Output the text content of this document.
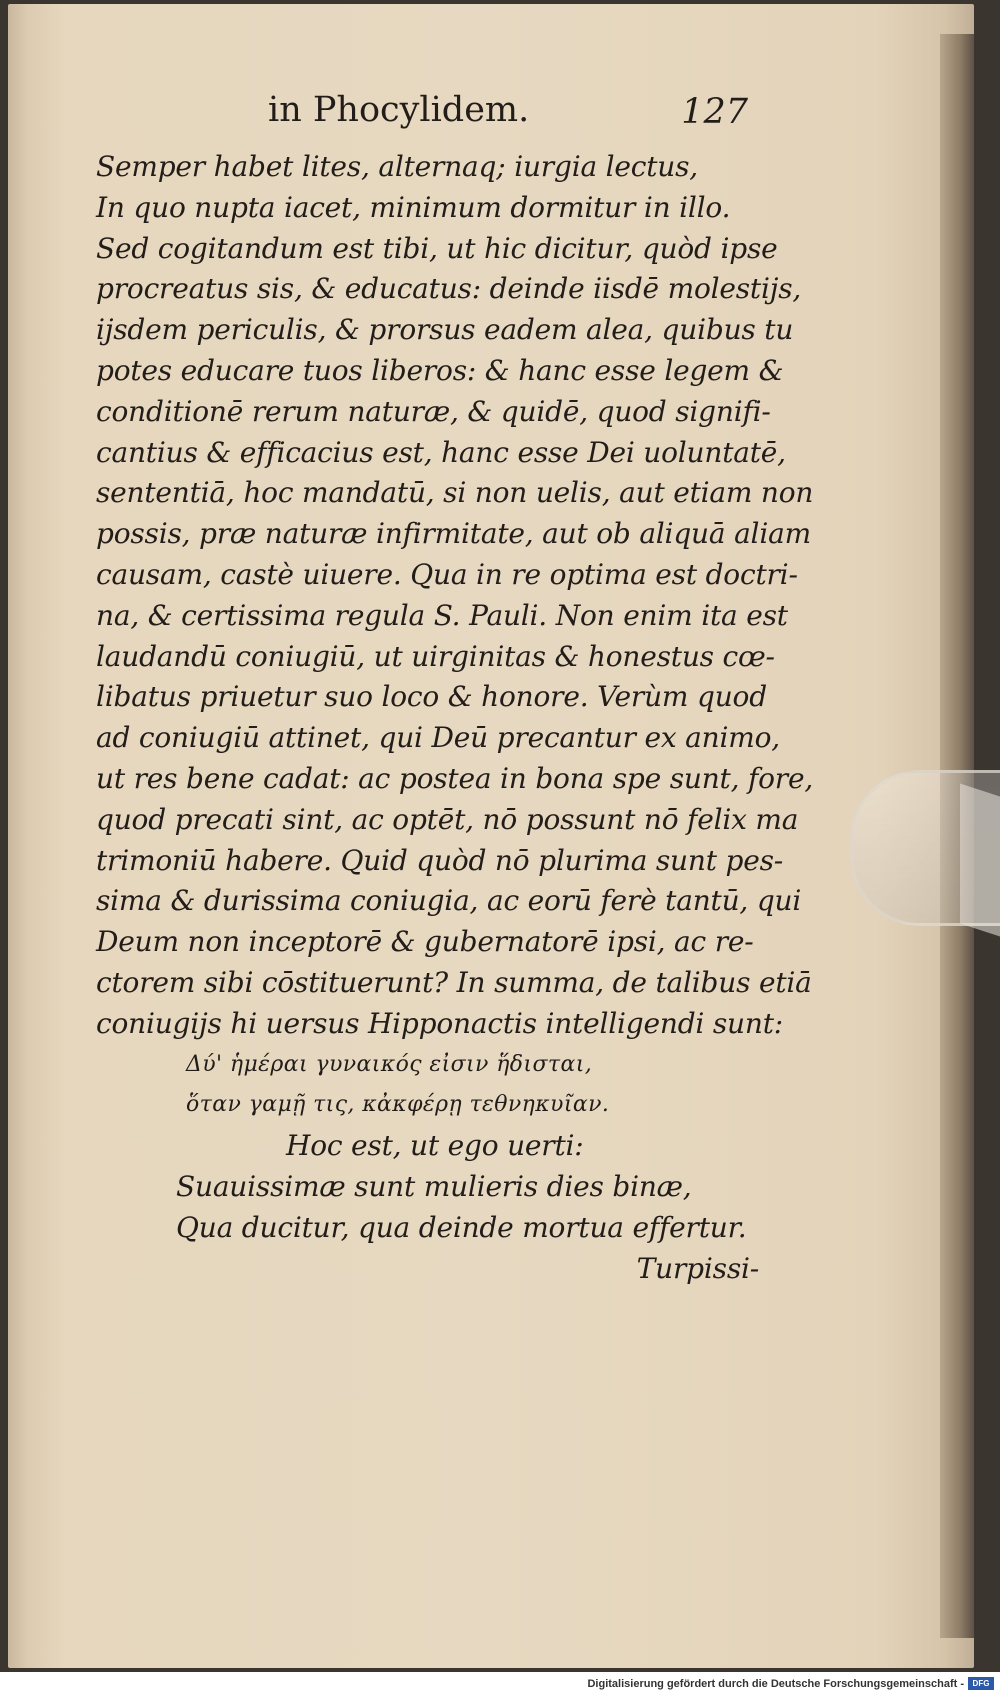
in Phocylidem.	127
Semper habet lites, alternaq; iurgia lectus,
In quo nupta iacet, minimum dormitur in illo.
Sed cogitandum est tibi, ut hic dicitur, quòd ipse
procreatus sis, & educatus: deinde iisdē molestijs,
ijsdem periculis, & prorsus eadem alea, quibus tu
potes educare tuos liberos: & hanc esse legem &
conditionē rerum naturæ, & quidē, quod signifi-
cantius & efficacius est, hanc esse Dei uoluntatē,
sententiā, hoc mandatū, si non uelis, aut etiam non
possis, præ naturæ infirmitate, aut ob aliquā aliam
causam, castè uiuere. Qua in re optima est doctri-
na, & certissima regula S. Pauli. Non enim ita est
laudandū coniugiū, ut uirginitas & honestus cœ-
libatus priuetur suo loco & honore. Verùm quod
ad coniugiū attinet, qui Deū precantur ex animo,
ut res bene cadat: ac postea in bona spe sunt, fore,
quod precati sint, ac optēt, nō possunt nō felix ma
trimoniū habere. Quid quòd nō plurima sunt pes-
sima & durissima coniugia, ac eorū ferè tantū, qui
Deum non inceptorē & gubernatorē ipsi, ac re-
ctorem sibi cōstituerunt? In summa, de talibus etiā
coniugijs hi uersus Hipponactis intelligendi sunt:
Δύ' ἡμέραι γυναικός εἰσιν ἥδισται,
ὅταν γαμῇ τις, κἀκφέρῃ τεθνηκυῖαν.
Hoc est, ut ego uerti:
Suauissimæ sunt mulieris dies binæ,
Qua ducitur, qua deinde mortua effertur.
Turpissi-
Digitalisierung gefördert durch die Deutsche Forschungsgemeinschaft -	DFG
